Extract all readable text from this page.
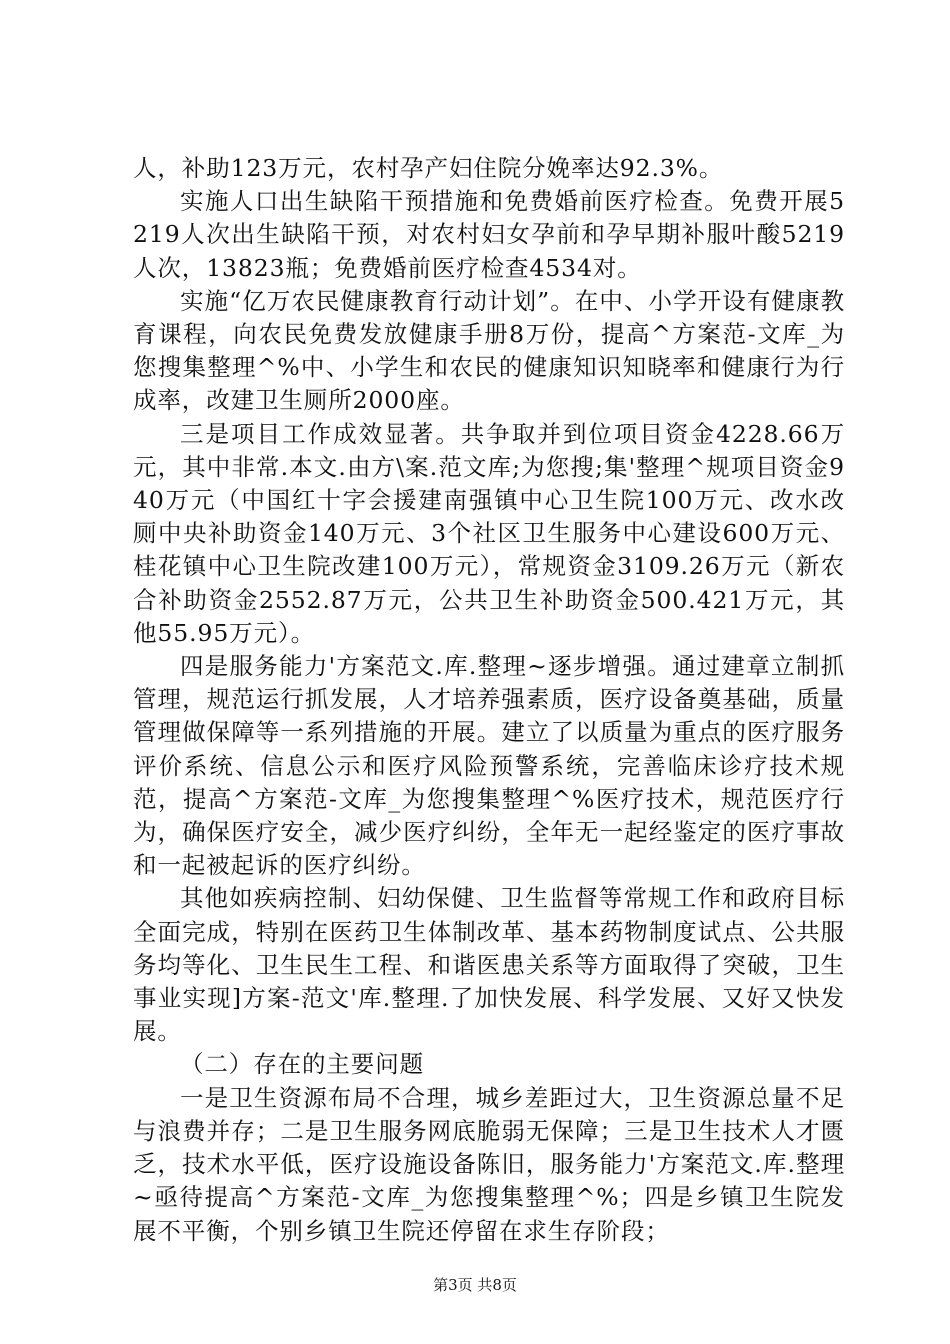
人，补助123万元，农村孕产妇住院分娩率达92.3%。

实施人口出生缺陷干预措施和免费婚前医疗检查。免费开展5219人次出生缺陷干预，对农村妇女孕前和孕早期补服叶酸5219人次，13823瓶；免费婚前医疗检查4534对。

实施“亿万农民健康教育行动计划”。在中、小学开设有健康教育课程，向农民免费发放健康手册8万份，提高^方案范-文库_为您搜集整理^%中、小学生和农民的健康知识知晓率和健康行为行成率，改建卫生厕所2000座。

三是项目工作成效显著。共争取并到位项目资金4228.66万元，其中非常.本文.由方\案.范文库;为您搜;集'整理^规项目资金940万元（中国红十字会援建南强镇中心卫生院100万元、改水改厕中央补助资金140万元、3个社区卫生服务中心建设600万元、桂花镇中心卫生院改建100万元），常规资金3109.26万元（新农合补助资金2552.87万元，公共卫生补助资金500.421万元，其他55.95万元）。

四是服务能力'方案范文.库.整理~逐步增强。通过建章立制抓管理，规范运行抓发展，人才培养强素质，医疗设备奠基础，质量管理做保障等一系列措施的开展。建立了以质量为重点的医疗服务评价系统、信息公示和医疗风险预警系统，完善临床诊疗技术规范，提高^方案范-文库_为您搜集整理^%医疗技术，规范医疗行为，确保医疗安全，减少医疗纠纷，全年无一起经鉴定的医疗事故和一起被起诉的医疗纠纷。

其他如疾病控制、妇幼保健、卫生监督等常规工作和政府目标全面完成，特别在医药卫生体制改革、基本药物制度试点、公共服务均等化、卫生民生工程、和谐医患关系等方面取得了突破，卫生事业实现]方案-范文'库.整理.了加快发展、科学发展、又好又快发展。

（二）存在的主要问题

一是卫生资源布局不合理，城乡差距过大，卫生资源总量不足与浪费并存；二是卫生服务网底脆弱无保障；三是卫生技术人才匮乏，技术水平低，医疗设施设备陈旧，服务能力'方案范文.库.整理~亟待提高^方案范-文库_为您搜集整理^%；四是乡镇卫生院发展不平衡，个别乡镇卫生院还停留在求生存阶段；

第3页 共8页
